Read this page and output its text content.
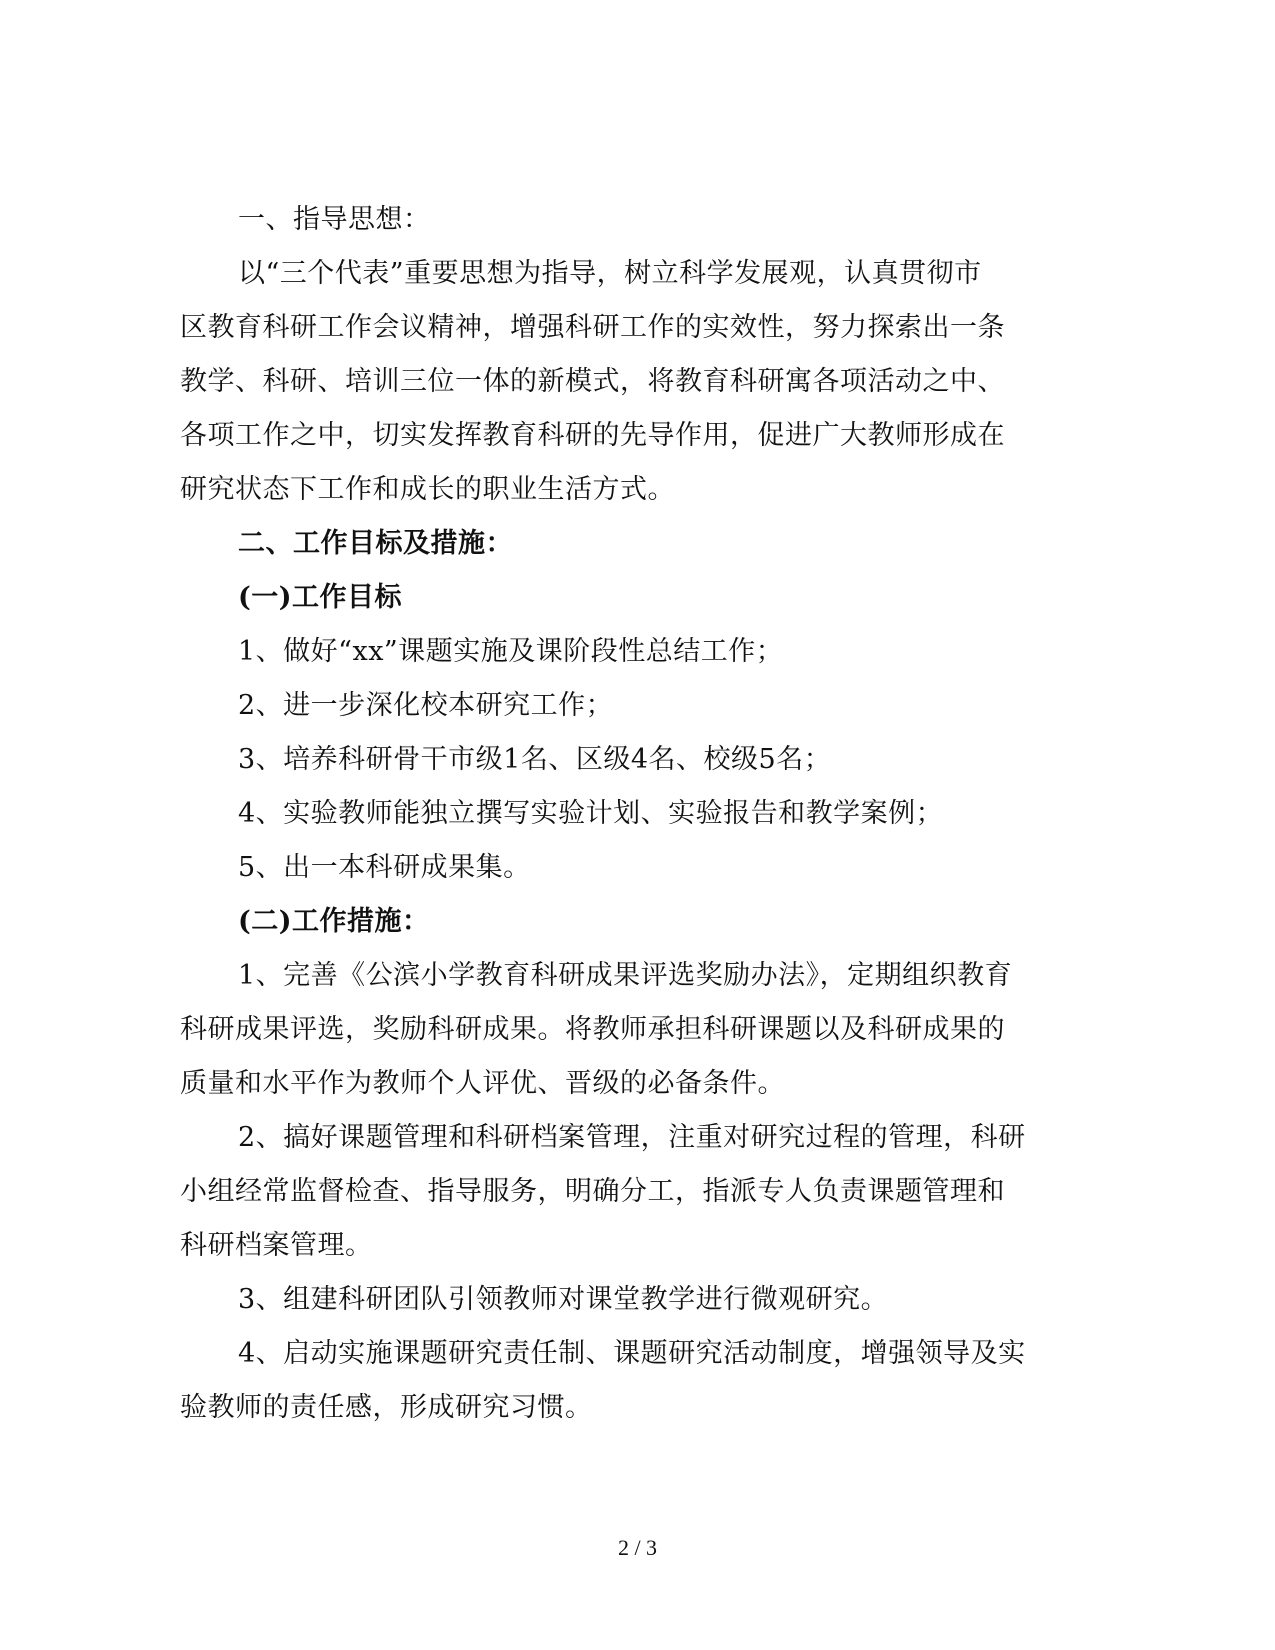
一、指导思想：
以“三个代表”重要思想为指导，树立科学发展观，认真贯彻市
区教育科研工作会议精神，增强科研工作的实效性，努力探索出一条
教学、科研、培训三位一体的新模式，将教育科研寓各项活动之中、
各项工作之中，切实发挥教育科研的先导作用，促进广大教师形成在
研究状态下工作和成长的职业生活方式。
二、工作目标及措施：
(一)工作目标
1、做好“xx”课题实施及课阶段性总结工作；
2、进一步深化校本研究工作；
3、培养科研骨干市级1名、区级4名、校级5名；
4、实验教师能独立撰写实验计划、实验报告和教学案例；
5、出一本科研成果集。
(二)工作措施：
1、完善《公滨小学教育科研成果评选奖励办法》，定期组织教育
科研成果评选，奖励科研成果。将教师承担科研课题以及科研成果的
质量和水平作为教师个人评优、晋级的必备条件。
2、搞好课题管理和科研档案管理，注重对研究过程的管理，科研
小组经常监督检查、指导服务，明确分工，指派专人负责课题管理和
科研档案管理。
3、组建科研团队引领教师对课堂教学进行微观研究。
4、启动实施课题研究责任制、课题研究活动制度，增强领导及实
验教师的责任感，形成研究习惯。
2 / 3
